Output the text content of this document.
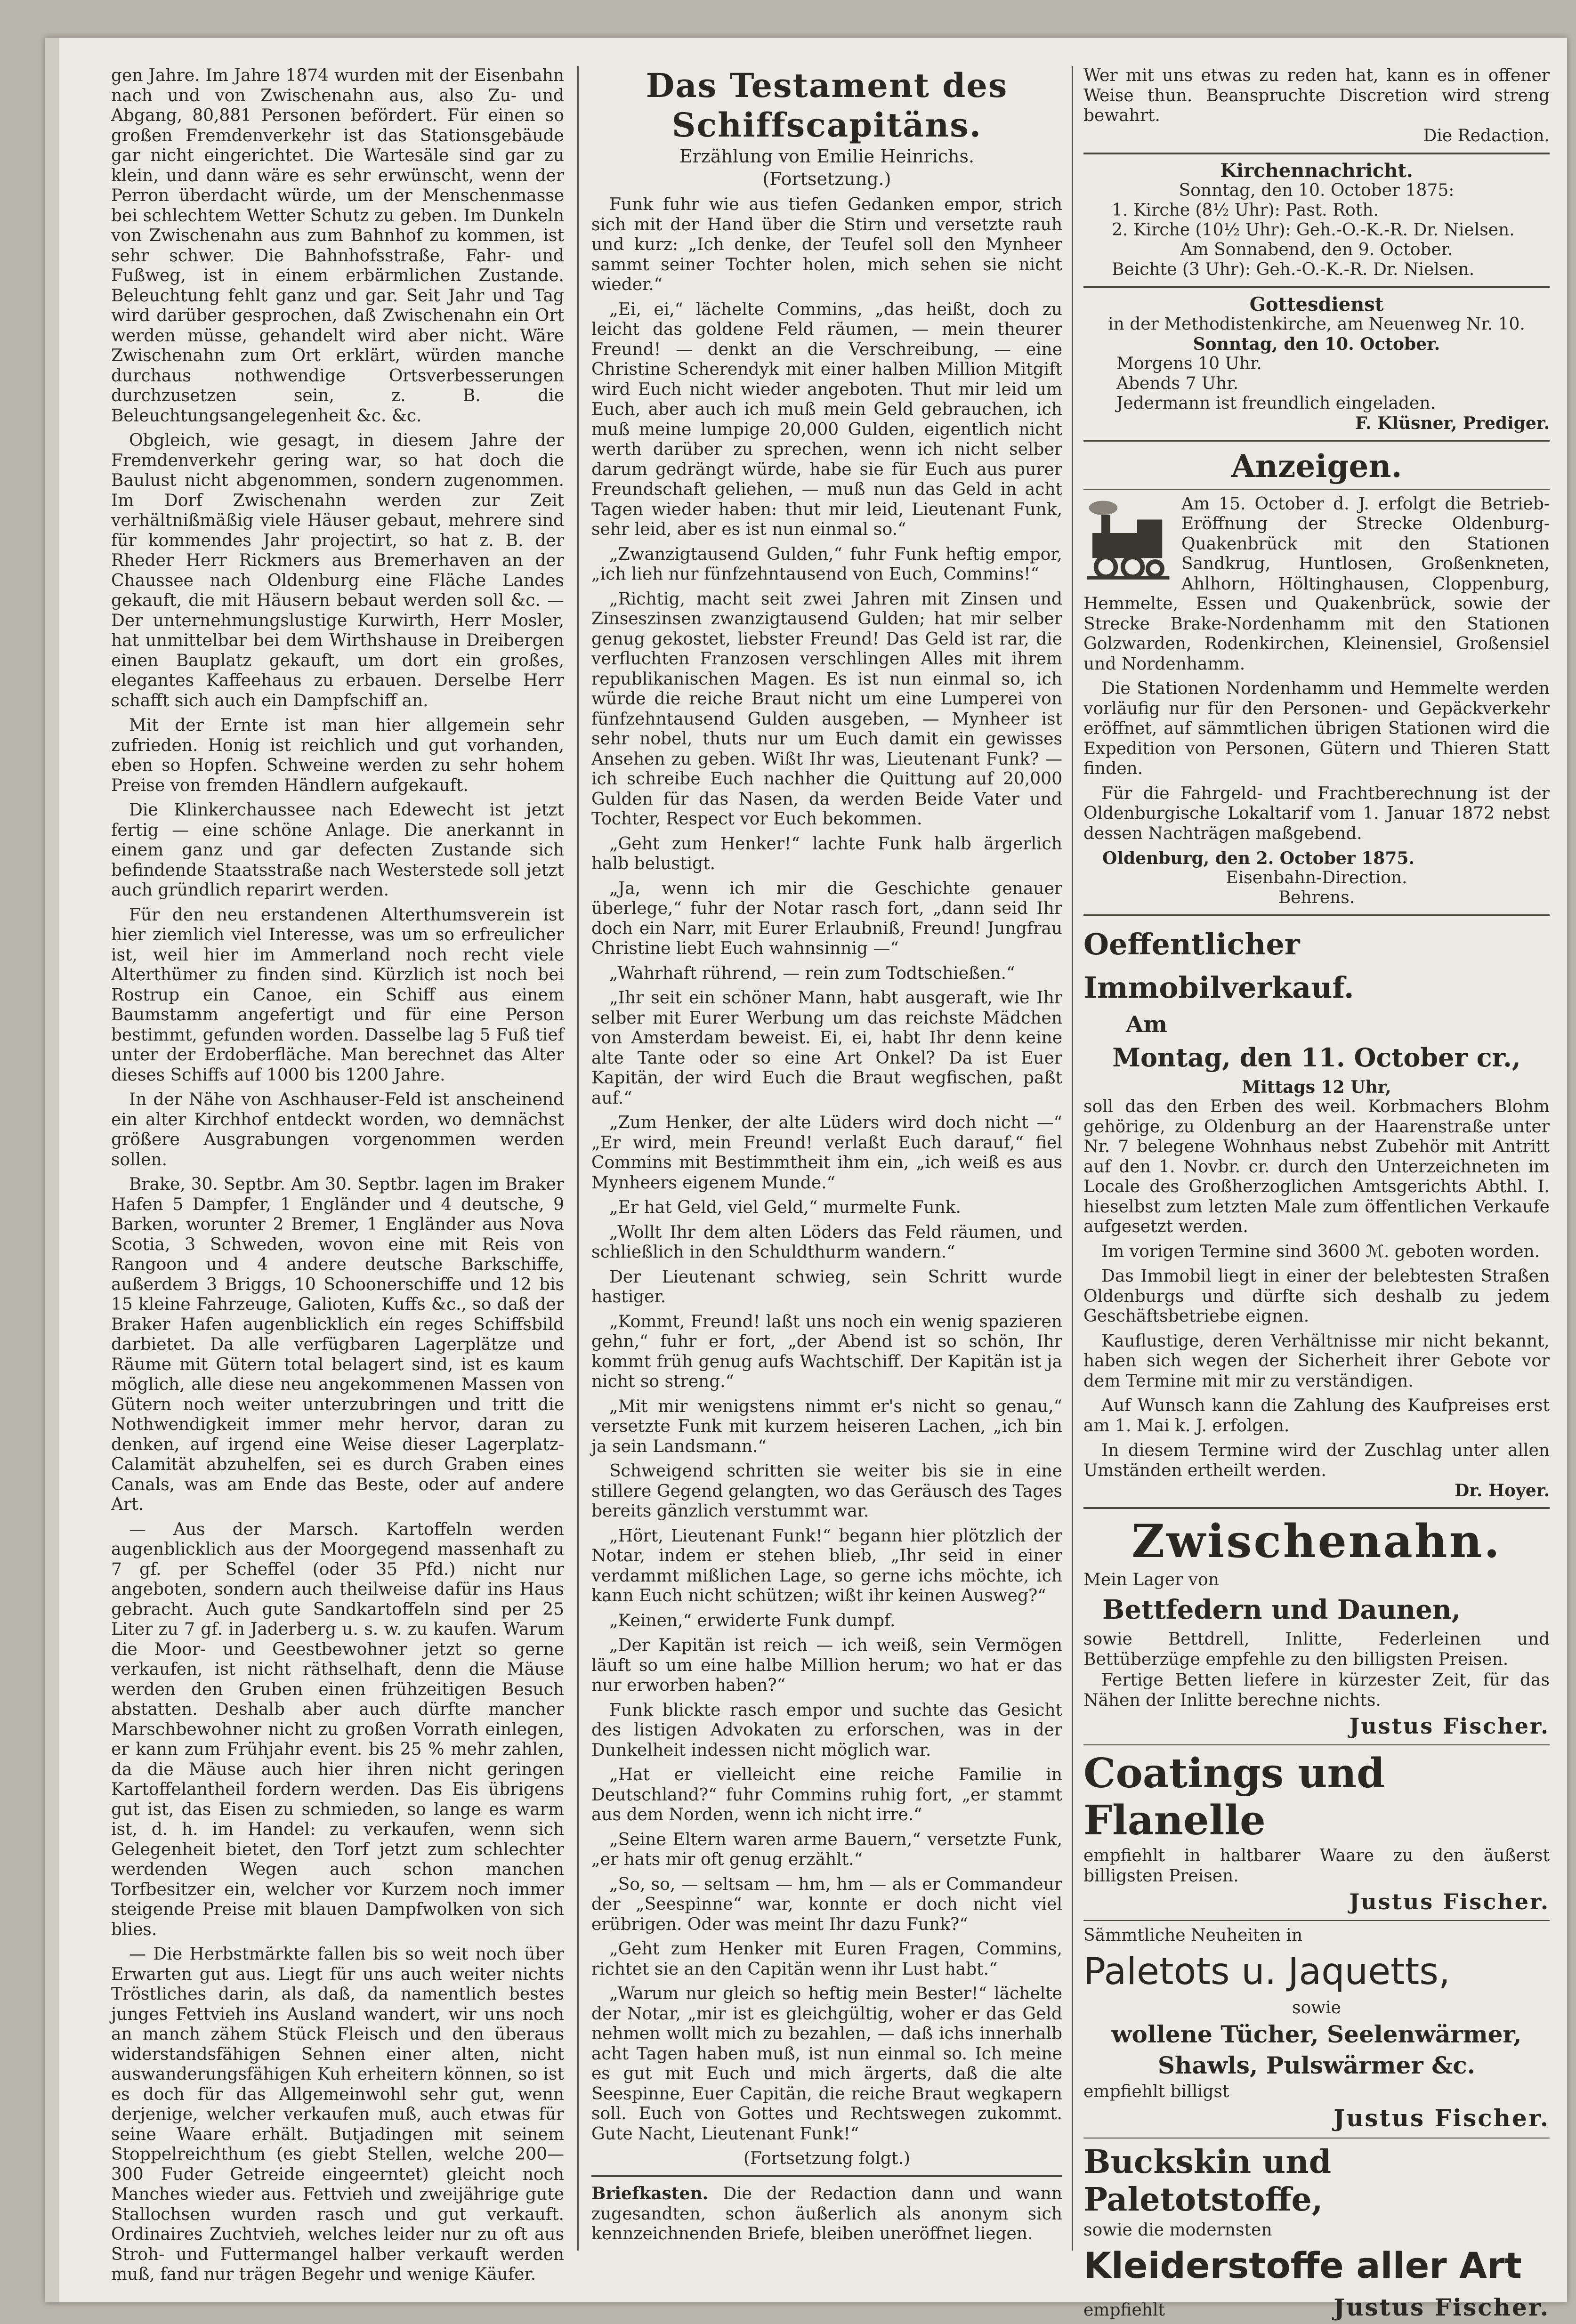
gen Jahre. Im Jahre 1874 wurden mit der Eisenbahn nach und von Zwischenahn aus, also Zu- und Abgang, 80,881 Personen befördert. Für einen so großen Fremdenverkehr ist das Stationsgebäude gar nicht eingerichtet. Die Wartesäle sind gar zu klein, und dann wäre es sehr erwünscht, wenn der Perron überdacht würde, um der Menschenmasse bei schlechtem Wetter Schutz zu geben. Im Dunkeln von Zwischenahn aus zum Bahnhof zu kommen, ist sehr schwer. Die Bahnhofsstraße, Fahr- und Fußweg, ist in einem erbärmlichen Zustande. Beleuchtung fehlt ganz und gar. Seit Jahr und Tag wird darüber gesprochen, daß Zwischenahn ein Ort werden müsse, gehandelt wird aber nicht. Wäre Zwischenahn zum Ort erklärt, würden manche durchaus nothwendige Ortsverbesserungen durchzusetzen sein, z. B. die Beleuchtungsangelegenheit &c. &c.

Obgleich, wie gesagt, in diesem Jahre der Fremdenverkehr gering war, so hat doch die Baulust nicht abgenommen, sondern zugenommen. Im Dorf Zwischenahn werden zur Zeit verhältnißmäßig viele Häuser gebaut, mehrere sind für kommendes Jahr projectirt, so hat z. B. der Rheder Herr Rickmers aus Bremerhaven an der Chaussee nach Oldenburg eine Fläche Landes gekauft, die mit Häusern bebaut werden soll &c. — Der unternehmungslustige Kurwirth, Herr Mosler, hat unmittelbar bei dem Wirthshause in Dreibergen einen Bauplatz gekauft, um dort ein großes, elegantes Kaffeehaus zu erbauen. Derselbe Herr schafft sich auch ein Dampfschiff an.

Mit der Ernte ist man hier allgemein sehr zufrieden. Honig ist reichlich und gut vorhanden, eben so Hopfen. Schweine werden zu sehr hohem Preise von fremden Händlern aufgekauft.

Die Klinkerchaussee nach Edewecht ist jetzt fertig — eine schöne Anlage. Die anerkannt in einem ganz und gar defecten Zustande sich befindende Staatsstraße nach Westerstede soll jetzt auch gründlich reparirt werden.

Für den neu erstandenen Alterthumsverein ist hier ziemlich viel Interesse, was um so erfreulicher ist, weil hier im Ammerland noch recht viele Alterthümer zu finden sind. Kürzlich ist noch bei Rostrup ein Canoe, ein Schiff aus einem Baumstamm angefertigt und für eine Person bestimmt, gefunden worden. Dasselbe lag 5 Fuß tief unter der Erdoberfläche. Man berechnet das Alter dieses Schiffs auf 1000 bis 1200 Jahre.

In der Nähe von Aschhauser-Feld ist anscheinend ein alter Kirchhof entdeckt worden, wo demnächst größere Ausgrabungen vorgenommen werden sollen.

Brake, 30. Septbr. Am 30. Septbr. lagen im Braker Hafen 5 Dampfer, 1 Engländer und 4 deutsche, 9 Barken, worunter 2 Bremer, 1 Engländer aus Nova Scotia, 3 Schweden, wovon eine mit Reis von Rangoon und 4 andere deutsche Barkschiffe, außerdem 3 Briggs, 10 Schoonerschiffe und 12 bis 15 kleine Fahrzeuge, Galioten, Kuffs &c., so daß der Braker Hafen augenblicklich ein reges Schiffsbild darbietet. Da alle verfügbaren Lagerplätze und Räume mit Gütern total belagert sind, ist es kaum möglich, alle diese neu angekommenen Massen von Gütern noch weiter unterzubringen und tritt die Nothwendigkeit immer mehr hervor, daran zu denken, auf irgend eine Weise dieser Lagerplatz-Calamität abzuhelfen, sei es durch Graben eines Canals, was am Ende das Beste, oder auf andere Art.

— Aus der Marsch. Kartoffeln werden augenblicklich aus der Moorgegend massenhaft zu 7 gf. per Scheffel (oder 35 Pfd.) nicht nur angeboten, sondern auch theilweise dafür ins Haus gebracht. Auch gute Sandkartoffeln sind per 25 Liter zu 7 gf. in Jaderberg u. s. w. zu kaufen. Warum die Moor- und Geestbewohner jetzt so gerne verkaufen, ist nicht räthselhaft, denn die Mäuse werden den Gruben einen frühzeitigen Besuch abstatten. Deshalb aber auch dürfte mancher Marschbewohner nicht zu großen Vorrath einlegen, er kann zum Frühjahr event. bis 25 % mehr zahlen, da die Mäuse auch hier ihren nicht geringen Kartoffelantheil fordern werden. Das Eis übrigens gut ist, das Eisen zu schmieden, so lange es warm ist, d. h. im Handel: zu verkaufen, wenn sich Gelegenheit bietet, den Torf jetzt zum schlechter werdenden Wegen auch schon manchen Torfbesitzer ein, welcher vor Kurzem noch immer steigende Preise mit blauen Dampfwolken von sich blies.

— Die Herbstmärkte fallen bis so weit noch über Erwarten gut aus. Liegt für uns auch weiter nichts Tröstliches darin, als daß, da namentlich bestes junges Fettvieh ins Ausland wandert, wir uns noch an manch zähem Stück Fleisch und den überaus widerstandsfähigen Sehnen einer alten, nicht auswanderungsfähigen Kuh erheitern können, so ist es doch für das Allgemeinwohl sehr gut, wenn derjenige, welcher verkaufen muß, auch etwas für seine Waare erhält. Butjadingen mit seinem Stoppelreichthum (es giebt Stellen, welche 200—300 Fuder Getreide eingeerntet) gleicht noch Manches wieder aus. Fettvieh und zweijährige gute Stallochsen wurden rasch und gut verkauft. Ordinaires Zuchtvieh, welches leider nur zu oft aus Stroh- und Futtermangel halber verkauft werden muß, fand nur trägen Begehr und wenige Käufer.

Das Testament des Schiffscapitäns.
Erzählung von Emilie Heinrichs.
(Fortsetzung.)

Funk fuhr wie aus tiefen Gedanken empor, strich sich mit der Hand über die Stirn und versetzte rauh und kurz: „Ich denke, der Teufel soll den Mynheer sammt seiner Tochter holen, mich sehen sie nicht wieder.“

„Ei, ei,“ lächelte Commins, „das heißt, doch zu leicht das goldene Feld räumen, — mein theurer Freund! — denkt an die Verschreibung, — eine Christine Scherendyk mit einer halben Million Mitgift wird Euch nicht wieder angeboten. Thut mir leid um Euch, aber auch ich muß mein Geld gebrauchen, ich muß meine lumpige 20,000 Gulden, eigentlich nicht werth darüber zu sprechen, wenn ich nicht selber darum gedrängt würde, habe sie für Euch aus purer Freundschaft geliehen, — muß nun das Geld in acht Tagen wieder haben: thut mir leid, Lieutenant Funk, sehr leid, aber es ist nun einmal so.“

„Zwanzigtausend Gulden,“ fuhr Funk heftig empor, „ich lieh nur fünfzehntausend von Euch, Commins!“

„Richtig, macht seit zwei Jahren mit Zinsen und Zinseszinsen zwanzigtausend Gulden; hat mir selber genug gekostet, liebster Freund! Das Geld ist rar, die verfluchten Franzosen verschlingen Alles mit ihrem republikanischen Magen. Es ist nun einmal so, ich würde die reiche Braut nicht um eine Lumperei von fünfzehntausend Gulden ausgeben, — Mynheer ist sehr nobel, thuts nur um Euch damit ein gewisses Ansehen zu geben. Wißt Ihr was, Lieutenant Funk? — ich schreibe Euch nachher die Quittung auf 20,000 Gulden für das Nasen, da werden Beide Vater und Tochter, Respect vor Euch bekommen.

„Geht zum Henker!“ lachte Funk halb ärgerlich halb belustigt.

„Ja, wenn ich mir die Geschichte genauer überlege,“ fuhr der Notar rasch fort, „dann seid Ihr doch ein Narr, mit Eurer Erlaubniß, Freund! Jungfrau Christine liebt Euch wahnsinnig —“

„Wahrhaft rührend, — rein zum Todtschießen.“

„Ihr seit ein schöner Mann, habt ausgeraft, wie Ihr selber mit Eurer Werbung um das reichste Mädchen von Amsterdam beweist. Ei, ei, habt Ihr denn keine alte Tante oder so eine Art Onkel? Da ist Euer Kapitän, der wird Euch die Braut wegfischen, paßt auf.“

„Zum Henker, der alte Lüders wird doch nicht —“ „Er wird, mein Freund! verlaßt Euch darauf,“ fiel Commins mit Bestimmtheit ihm ein, „ich weiß es aus Mynheers eigenem Munde.“

„Er hat Geld, viel Geld,“ murmelte Funk.

„Wollt Ihr dem alten Löders das Feld räumen, und schließlich in den Schuldthurm wandern.“

Der Lieutenant schwieg, sein Schritt wurde hastiger.

„Kommt, Freund! laßt uns noch ein wenig spazieren gehn,“ fuhr er fort, „der Abend ist so schön, Ihr kommt früh genug aufs Wachtschiff. Der Kapitän ist ja nicht so streng.“

„Mit mir wenigstens nimmt er's nicht so genau,“ versetzte Funk mit kurzem heiseren Lachen, „ich bin ja sein Landsmann.“

Schweigend schritten sie weiter bis sie in eine stillere Gegend gelangten, wo das Geräusch des Tages bereits gänzlich verstummt war.

„Hört, Lieutenant Funk!“ begann hier plötzlich der Notar, indem er stehen blieb, „Ihr seid in einer verdammt mißlichen Lage, so gerne ichs möchte, ich kann Euch nicht schützen; wißt ihr keinen Ausweg?“

„Keinen,“ erwiderte Funk dumpf.

„Der Kapitän ist reich — ich weiß, sein Vermögen läuft so um eine halbe Million herum; wo hat er das nur erworben haben?“

Funk blickte rasch empor und suchte das Gesicht des listigen Advokaten zu erforschen, was in der Dunkelheit indessen nicht möglich war.

„Hat er vielleicht eine reiche Familie in Deutschland?“ fuhr Commins ruhig fort, „er stammt aus dem Norden, wenn ich nicht irre.“

„Seine Eltern waren arme Bauern,“ versetzte Funk, „er hats mir oft genug erzählt.“

„So, so, — seltsam — hm, hm — als er Commandeur der „Seespinne“ war, konnte er doch nicht viel erübrigen. Oder was meint Ihr dazu Funk?“

„Geht zum Henker mit Euren Fragen, Commins, richtet sie an den Capitän wenn ihr Lust habt.“

„Warum nur gleich so heftig mein Bester!“ lächelte der Notar, „mir ist es gleichgültig, woher er das Geld nehmen wollt mich zu bezahlen, — daß ichs innerhalb acht Tagen haben muß, ist nun einmal so. Ich meine es gut mit Euch und mich ärgerts, daß die alte Seespinne, Euer Capitän, die reiche Braut wegkapern soll. Euch von Gottes und Rechtswegen zukommt. Gute Nacht, Lieutenant Funk!“

(Fortsetzung folgt.)

Briefkasten. Die der Redaction dann und wann zugesandten, schon äußerlich als anonym sich kennzeichnenden Briefe, bleiben uneröffnet liegen.

Wer mit uns etwas zu reden hat, kann es in offener Weise thun. Beanspruchte Discretion wird streng bewahrt.

Die Redaction.
Kirchennachricht.
Sonntag, den 10. October 1875:
1. Kirche (8½ Uhr): Past. Roth.
2. Kirche (10½ Uhr): Geh.-O.-K.-R. Dr. Nielsen.
Am Sonnabend, den 9. October.
Beichte (3 Uhr): Geh.-O.-K.-R. Dr. Nielsen.
Gottesdienst
in der Methodistenkirche, am Neuenweg Nr. 10.
Sonntag, den 10. October.
Morgens 10 Uhr.
Abends 7 Uhr.
Jedermann ist freundlich eingeladen.
F. Klüsner, Prediger.
Anzeigen.

Am 15. October d. J. erfolgt die Betrieb-Eröffnung der Strecke Oldenburg-Quakenbrück mit den Stationen Sandkrug, Huntlosen, Großenkneten, Ahlhorn, Höltinghausen, Cloppenburg, Hemmelte, Essen und Quakenbrück, sowie der Strecke Brake-Nordenhamm mit den Stationen Golzwarden, Rodenkirchen, Kleinensiel, Großensiel und Nordenhamm.

Die Stationen Nordenhamm und Hemmelte werden vorläufig nur für den Personen- und Gepäckverkehr eröffnet, auf sämmtlichen übrigen Stationen wird die Expedition von Personen, Gütern und Thieren Statt finden.

Für die Fahrgeld- und Frachtberechnung ist der Oldenburgische Lokaltarif vom 1. Januar 1872 nebst dessen Nachträgen maßgebend.

Oldenburg, den 2. October 1875.
Eisenbahn-Direction.
Behrens.
Oeffentlicher Immobilverkauf.
Am
Montag, den 11. October cr.,
Mittags 12 Uhr,

soll das den Erben des weil. Korbmachers Blohm gehörige, zu Oldenburg an der Haarenstraße unter Nr. 7 belegene Wohnhaus nebst Zubehör mit Antritt auf den 1. Novbr. cr. durch den Unterzeichneten im Locale des Großherzoglichen Amtsgerichts Abthl. I. hieselbst zum letzten Male zum öffentlichen Verkaufe aufgesetzt werden.

Im vorigen Termine sind 3600 ℳ. geboten worden.

Das Immobil liegt in einer der belebtesten Straßen Oldenburgs und dürfte sich deshalb zu jedem Geschäftsbetriebe eignen.

Kauflustige, deren Verhältnisse mir nicht bekannt, haben sich wegen der Sicherheit ihrer Gebote vor dem Termine mit mir zu verständigen.

Auf Wunsch kann die Zahlung des Kaufpreises erst am 1. Mai k. J. erfolgen.

In diesem Termine wird der Zuschlag unter allen Umständen ertheilt werden.

Dr. Hoyer.
Zwischenahn.
Mein Lager von
Bettfedern und Daunen,

sowie Bettdrell, Inlitte, Federleinen und Bettüberzüge empfehle zu den billigsten Preisen.

Fertige Betten liefere in kürzester Zeit, für das Nähen der Inlitte berechne nichts.

Justus Fischer.
Coatings und Flanelle

empfiehlt in haltbarer Waare zu den äußerst billigsten Preisen.

Justus Fischer.
Sämmtliche Neuheiten in
Paletots u. Jaquetts,
sowie
wollene Tücher, Seelenwärmer,
Shawls, Pulswärmer &c.
empfiehlt billigst
Justus Fischer.
Buckskin und Paletotstoffe,
sowie die modernsten
Kleiderstoffe aller Art
empfiehlt	Justus Fischer.
